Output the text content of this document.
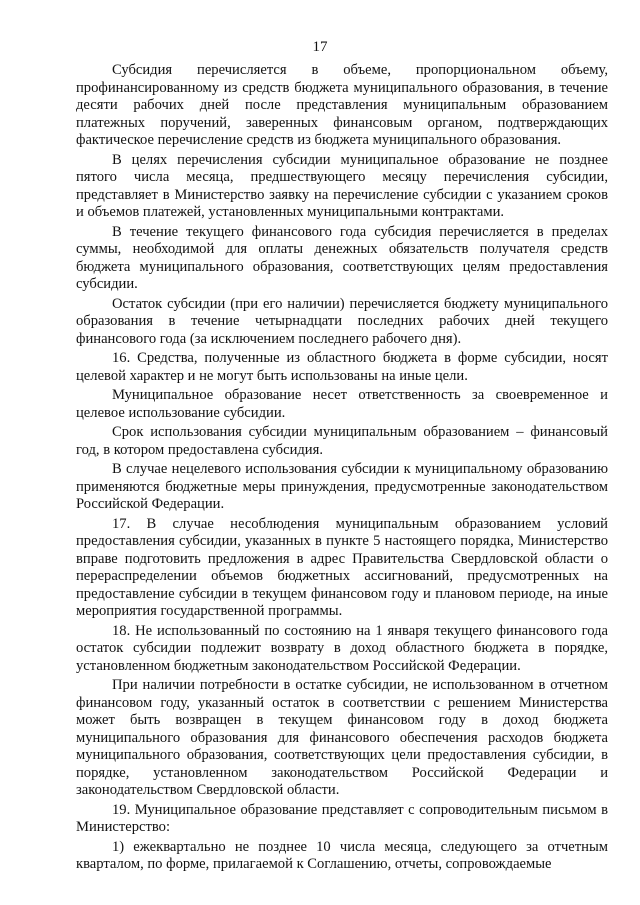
17

Субсидия перечисляется в объеме, пропорциональном объему, профинансированному из средств бюджета муниципального образования, в течение десяти рабочих дней после представления муниципальным образованием платежных поручений, заверенных финансовым органом, подтверждающих фактическое перечисление средств из бюджета муниципального образования.

В целях перечисления субсидии муниципальное образование не позднее пятого числа месяца, предшествующего месяцу перечисления субсидии, представляет в Министерство заявку на перечисление субсидии с указанием сроков и объемов платежей, установленных муниципальными контрактами.

В течение текущего финансового года субсидия перечисляется в пределах суммы, необходимой для оплаты денежных обязательств получателя средств бюджета муниципального образования, соответствующих целям предоставления субсидии.

Остаток субсидии (при его наличии) перечисляется бюджету муниципального образования в течение четырнадцати последних рабочих дней текущего финансового года (за исключением последнего рабочего дня).

16. Средства, полученные из областного бюджета в форме субсидии, носят целевой характер и не могут быть использованы на иные цели.

Муниципальное образование несет ответственность за своевременное и целевое использование субсидии.

Срок использования субсидии муниципальным образованием – финансовый год, в котором предоставлена субсидия.

В случае нецелевого использования субсидии к муниципальному образованию применяются бюджетные меры принуждения, предусмотренные законодательством Российской Федерации.

17. В случае несоблюдения муниципальным образованием условий предоставления субсидии, указанных в пункте 5 настоящего порядка, Министерство вправе подготовить предложения в адрес Правительства Свердловской области о перераспределении объемов бюджетных ассигнований, предусмотренных на предоставление субсидии в текущем финансовом году и плановом периоде, на иные мероприятия государственной программы.

18. Не использованный по состоянию на 1 января текущего финансового года остаток субсидии подлежит возврату в доход областного бюджета в порядке, установленном бюджетным законодательством Российской Федерации.

При наличии потребности в остатке субсидии, не использованном в отчетном финансовом году, указанный остаток в соответствии с решением Министерства может быть возвращен в текущем финансовом году в доход бюджета муниципального образования для финансового обеспечения расходов бюджета муниципального образования, соответствующих цели предоставления субсидии, в порядке, установленном законодательством Российской Федерации и законодательством Свердловской области.

19. Муниципальное образование представляет с сопроводительным письмом в Министерство:

1) ежеквартально не позднее 10 числа месяца, следующего за отчетным кварталом, по форме, прилагаемой к Соглашению, отчеты, сопровождаемые
